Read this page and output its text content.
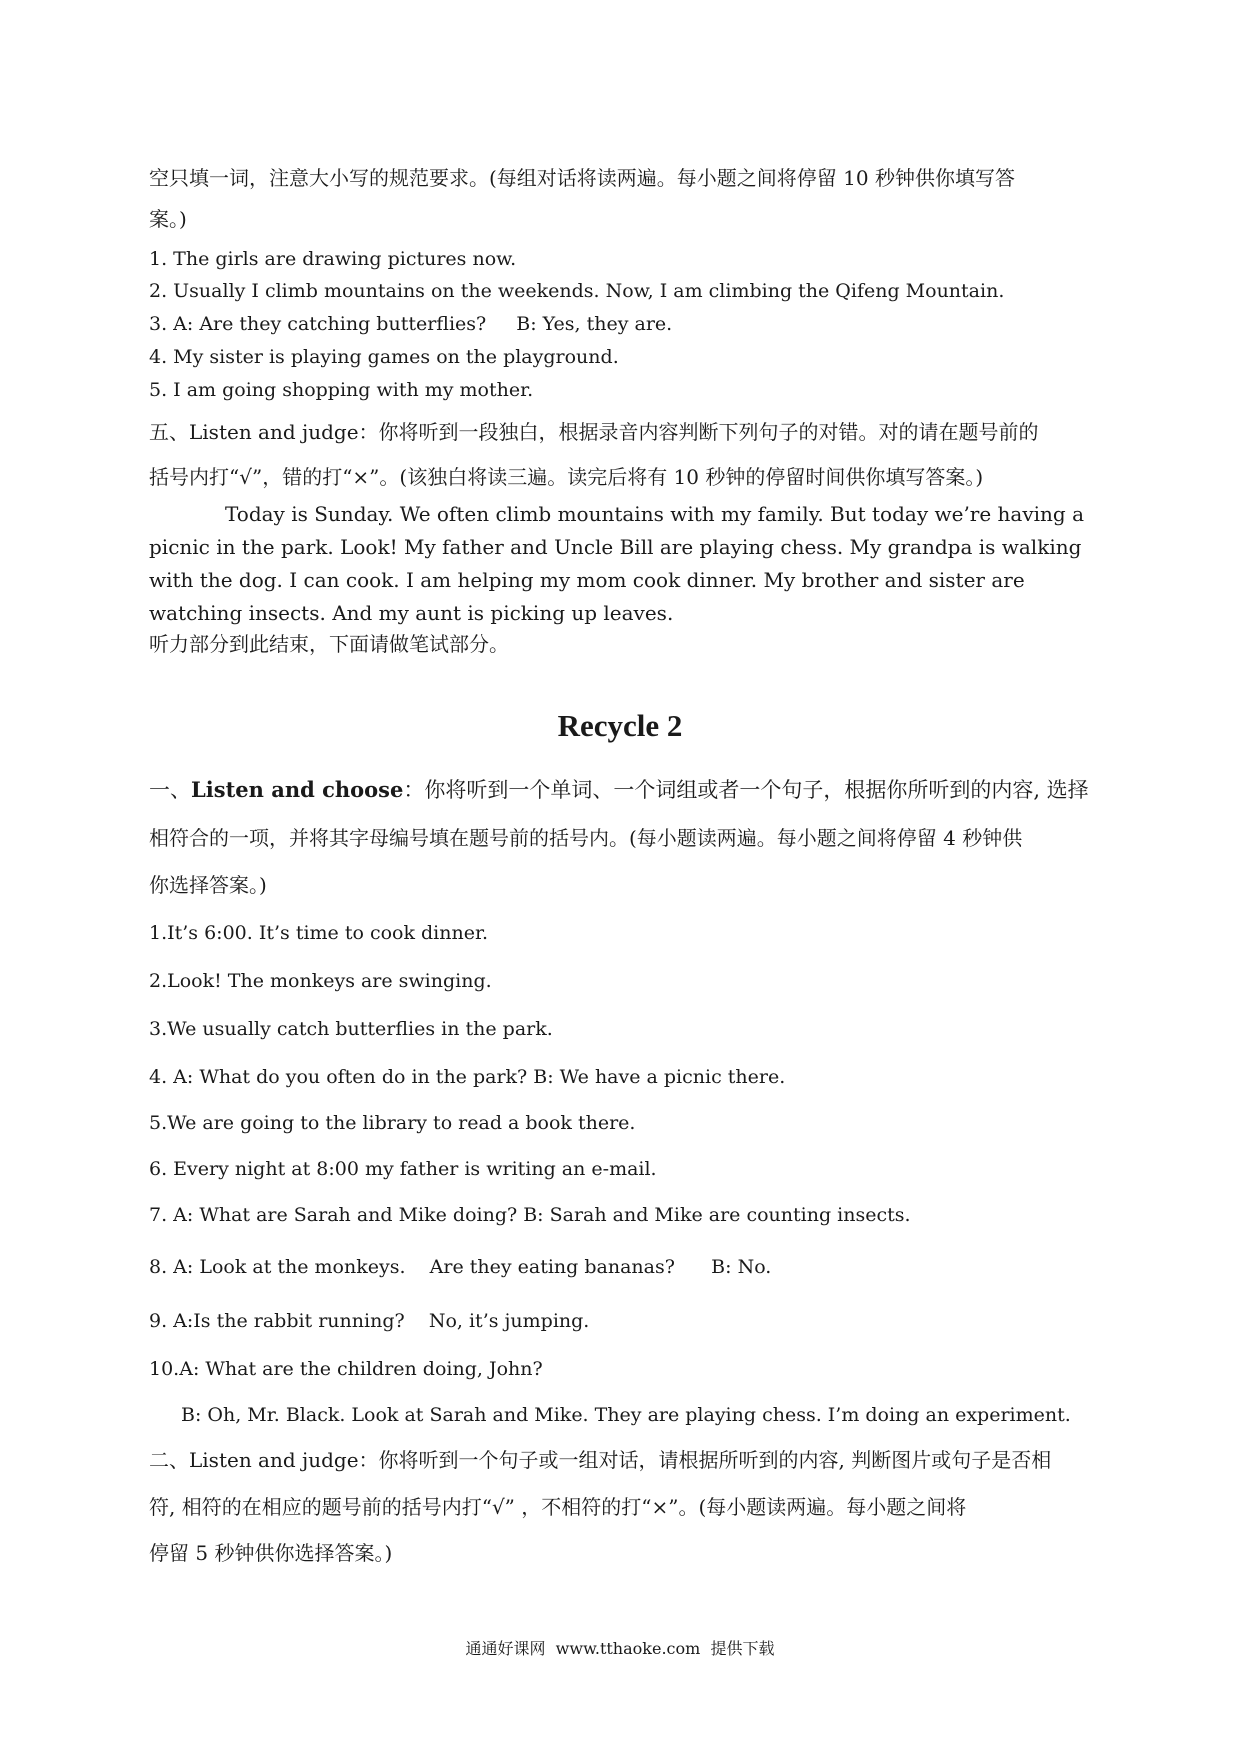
空只填一词，注意大小写的规范要求。(每组对话将读两遍。每小题之间将停留 10 秒钟供你填写答
案。)
1. The girls are drawing pictures now.
2. Usually I climb mountains on the weekends. Now, I am climbing the Qifeng Mountain.
3. A: Are they catching butterflies? B: Yes, they are.
4. My sister is playing games on the playground.
5. I am going shopping with my mother.
五、Listen and judge：你将听到一段独白，根据录音内容判断下列句子的对错。对的请在题号前的
括号内打“√”，错的打“×”。(该独白将读三遍。读完后将有 10 秒钟的停留时间供你填写答案。)
Today is Sunday. We often climb mountains with my family. But today we’re having a picnic in the park. Look! My father and Uncle Bill are playing chess. My grandpa is walking with the dog. I can cook. I am helping my mom cook dinner. My brother and sister are watching insects. And my aunt is picking up leaves.
听力部分到此结束，下面请做笔试部分。
Recycle 2
一、Listen and choose：你将听到一个单词、一个词组或者一个句子，根据你所听到的内容, 选择
相符合的一项，并将其字母编号填在题号前的括号内。(每小题读两遍。每小题之间将停留 4 秒钟供
你选择答案。)
1.It’s 6:00. It’s time to cook dinner.
2.Look! The monkeys are swinging.
3.We usually catch butterflies in the park.
4. A: What do you often do in the park? B: We have a picnic there.
5.We are going to the library to read a book there.
6. Every night at 8:00 my father is writing an e-mail.
7. A: What are Sarah and Mike doing? B: Sarah and Mike are counting insects.
8. A: Look at the monkeys.    Are they eating bananas?      B: No.
9. A:Is the rabbit running?    No, it’s jumping.
10.A: What are the children doing, John?
B: Oh, Mr. Black. Look at Sarah and Mike. They are playing chess. I’m doing an experiment.
二、Listen and judge：你将听到一个句子或一组对话，请根据所听到的内容, 判断图片或句子是否相
符, 相符的在相应的题号前的括号内打“√” ，不相符的打“×”。(每小题读两遍。每小题之间将
停留 5 秒钟供你选择答案。)
通通好课网  www.tthaoke.com  提供下载
